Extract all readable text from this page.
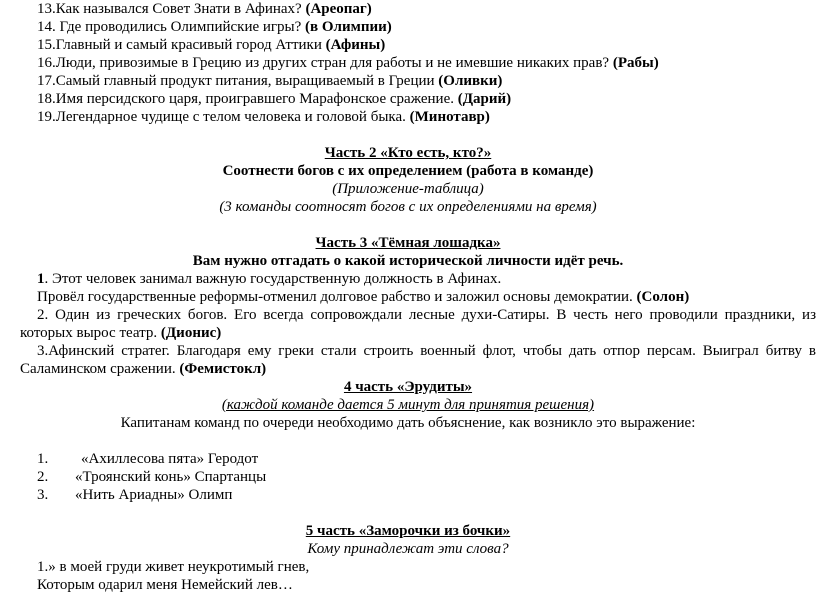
13.Как назывался Совет Знати в Афинах? (Ареопаг)
14. Где проводились Олимпийские игры? (в Олимпии)
15.Главный и самый красивый город Аттики (Афины)
16.Люди, привозимые в Грецию из других стран для работы и не имевшие никаких прав? (Рабы)
17.Самый главный продукт питания, выращиваемый в Греции (Оливки)
18.Имя персидского царя, проигравшего Марафонское сражение. (Дарий)
19.Легендарное чудище с телом человека и головой быка. (Минотавр)
Часть 2 «Кто есть, кто?»
Соотнести богов с их определением (работа в команде)
(Приложение-таблица)
(3 команды соотносят богов с их определениями на время)
Часть 3 «Тёмная лошадка»
Вам нужно отгадать о какой исторической личности идёт речь.
1. Этот человек занимал важную государственную должность в Афинах.
Провёл государственные реформы-отменил долговое рабство и заложил основы демократии. (Солон)
2. Один из греческих богов. Его всегда сопровождали лесные духи-Сатиры. В честь него проводили праздники, из
которых вырос театр. (Дионис)
3.Афинский стратег. Благодаря ему греки стали строить военный флот, чтобы дать отпор персам. Выиграл битву в
Саламинском сражении. (Фемистокл)
4 часть «Эрудиты»
(каждой команде дается 5 минут для принятия решения)
Капитанам команд по очереди необходимо дать объяснение, как возникло это выражение:
1. «Ахиллесова пята» Геродот
2. «Троянский конь» Спартанцы
3. «Нить Ариадны» Олимп
5 часть «Заморочки из бочки»
Кому принадлежат эти слова?
1.» в моей груди живет неукротимый гнев,
Которым одарил меня Немейский лев…
